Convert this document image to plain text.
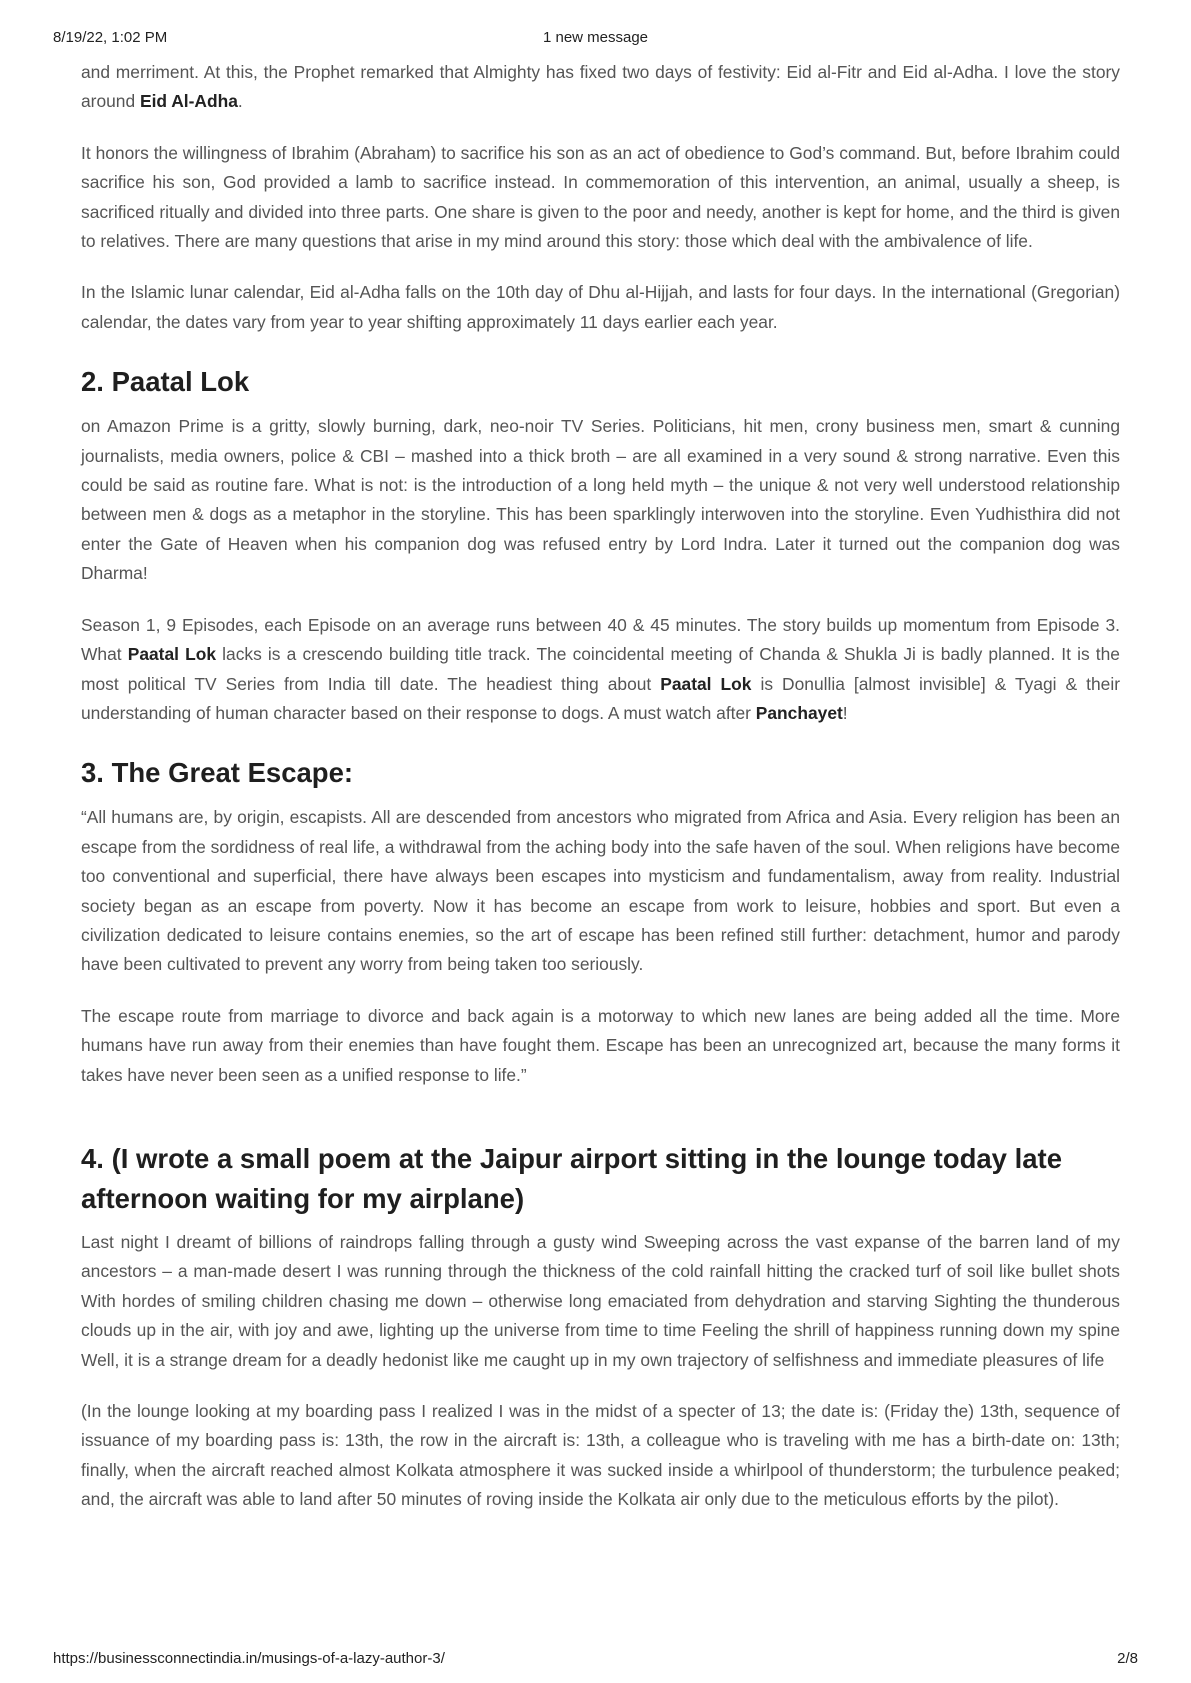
8/19/22, 1:02 PM	1 new message

and merriment. At this, the Prophet remarked that Almighty has fixed two days of festivity: Eid al-Fitr and Eid al-Adha. I love the story around Eid Al-Adha.

It honors the willingness of Ibrahim (Abraham) to sacrifice his son as an act of obedience to God’s command. But, before Ibrahim could sacrifice his son, God provided a lamb to sacrifice instead. In commemoration of this intervention, an animal, usually a sheep, is sacrificed ritually and divided into three parts. One share is given to the poor and needy, another is kept for home, and the third is given to relatives. There are many questions that arise in my mind around this story: those which deal with the ambivalence of life.

In the Islamic lunar calendar, Eid al-Adha falls on the 10th day of Dhu al-Hijjah, and lasts for four days. In the international (Gregorian) calendar, the dates vary from year to year shifting approximately 11 days earlier each year.

2. Paatal Lok

on Amazon Prime is a gritty, slowly burning, dark, neo-noir TV Series. Politicians, hit men, crony business men, smart & cunning journalists, media owners, police & CBI – mashed into a thick broth – are all examined in a very sound & strong narrative. Even this could be said as routine fare. What is not: is the introduction of a long held myth – the unique & not very well understood relationship between men & dogs as a metaphor in the storyline. This has been sparklingly interwoven into the storyline. Even Yudhisthira did not enter the Gate of Heaven when his companion dog was refused entry by Lord Indra. Later it turned out the companion dog was Dharma!

Season 1, 9 Episodes, each Episode on an average runs between 40 & 45 minutes. The story builds up momentum from Episode 3. What Paatal Lok lacks is a crescendo building title track. The coincidental meeting of Chanda & Shukla Ji is badly planned. It is the most political TV Series from India till date. The headiest thing about Paatal Lok is Donullia [almost invisible] & Tyagi & their understanding of human character based on their response to dogs. A must watch after Panchayet!

3. The Great Escape:

“All humans are, by origin, escapists. All are descended from ancestors who migrated from Africa and Asia. Every religion has been an escape from the sordidness of real life, a withdrawal from the aching body into the safe haven of the soul. When religions have become too conventional and superficial, there have always been escapes into mysticism and fundamentalism, away from reality. Industrial society began as an escape from poverty. Now it has become an escape from work to leisure, hobbies and sport. But even a civilization dedicated to leisure contains enemies, so the art of escape has been refined still further: detachment, humor and parody have been cultivated to prevent any worry from being taken too seriously.

The escape route from marriage to divorce and back again is a motorway to which new lanes are being added all the time. More humans have run away from their enemies than have fought them. Escape has been an unrecognized art, because the many forms it takes have never been seen as a unified response to life.”

4. (I wrote a small poem at the Jaipur airport sitting in the lounge today late afternoon waiting for my airplane)

Last night I dreamt of billions of raindrops falling through a gusty wind Sweeping across the vast expanse of the barren land of my ancestors – a man-made desert I was running through the thickness of the cold rainfall hitting the cracked turf of soil like bullet shots With hordes of smiling children chasing me down – otherwise long emaciated from dehydration and starving Sighting the thunderous clouds up in the air, with joy and awe, lighting up the universe from time to time Feeling the shrill of happiness running down my spine Well, it is a strange dream for a deadly hedonist like me caught up in my own trajectory of selfishness and immediate pleasures of life

(In the lounge looking at my boarding pass I realized I was in the midst of a specter of 13; the date is: (Friday the) 13th, sequence of issuance of my boarding pass is: 13th, the row in the aircraft is: 13th, a colleague who is traveling with me has a birth-date on: 13th; finally, when the aircraft reached almost Kolkata atmosphere it was sucked inside a whirlpool of thunderstorm; the turbulence peaked; and, the aircraft was able to land after 50 minutes of roving inside the Kolkata air only due to the meticulous efforts by the pilot).

https://businessconnectindia.in/musings-of-a-lazy-author-3/	2/8
